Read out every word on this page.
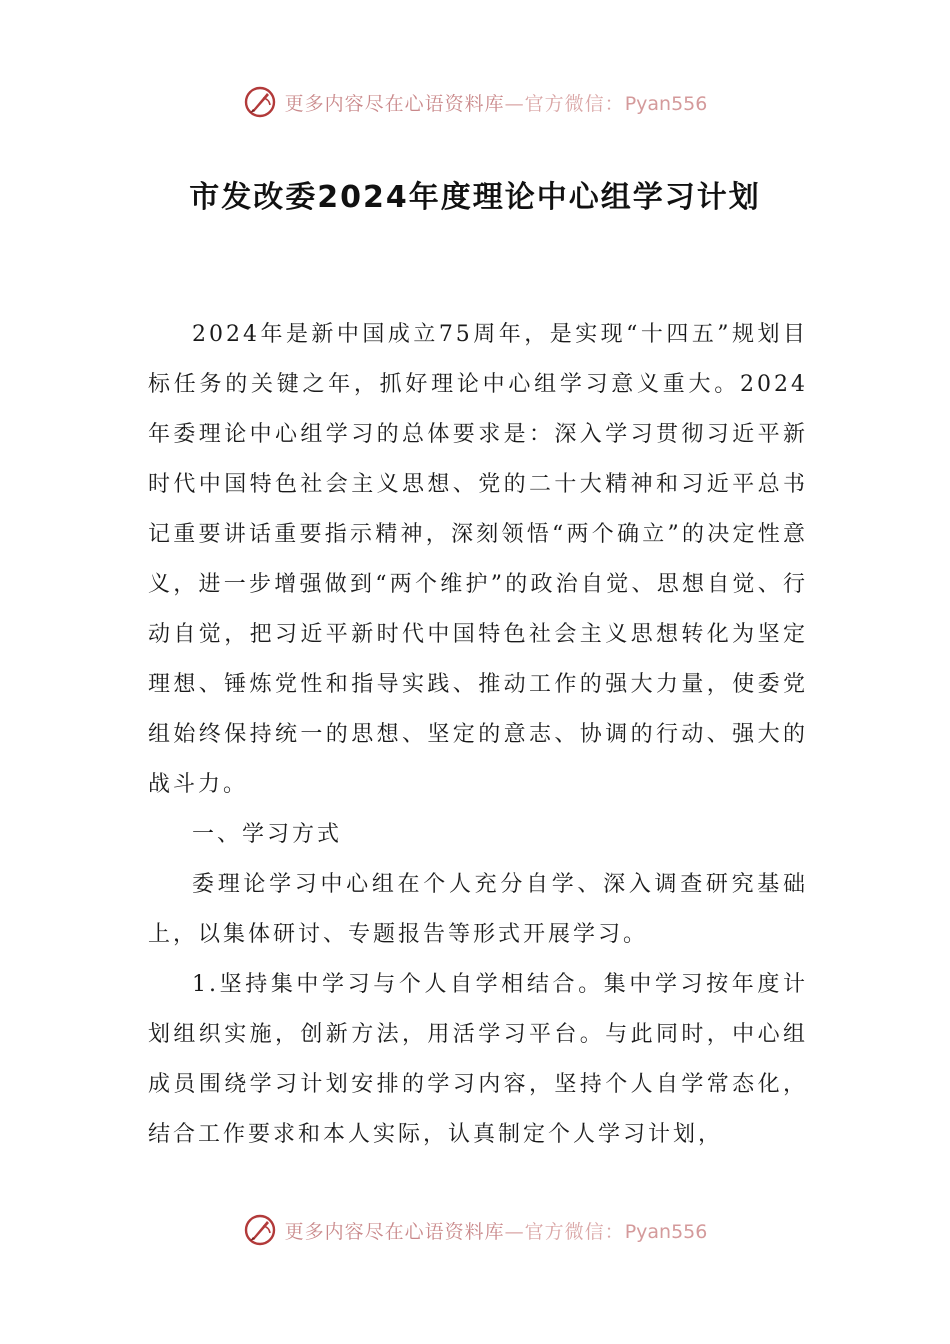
更多内容尽在心语资料库—官方微信：Pyan556
市发改委2024年度理论中心组学习计划

2024年是新中国成立75周年，是实现“十四五”规划目标任务的关键之年，抓好理论中心组学习意义重大。2024年委理论中心组学习的总体要求是：深入学习贯彻习近平新时代中国特色社会主义思想、党的二十大精神和习近平总书记重要讲话重要指示精神，深刻领悟“两个确立”的决定性意义，进一步增强做到“两个维护”的政治自觉、思想自觉、行动自觉，把习近平新时代中国特色社会主义思想转化为坚定理想、锤炼党性和指导实践、推动工作的强大力量，使委党组始终保持统一的思想、坚定的意志、协调的行动、强大的战斗力。

一、学习方式

委理论学习中心组在个人充分自学、深入调查研究基础上，以集体研讨、专题报告等形式开展学习。

1.坚持集中学习与个人自学相结合。集中学习按年度计划组织实施，创新方法，用活学习平台。与此同时，中心组成员围绕学习计划安排的学习内容，坚持个人自学常态化，结合工作要求和本人实际，认真制定个人学习计划，

更多内容尽在心语资料库—官方微信：Pyan556
